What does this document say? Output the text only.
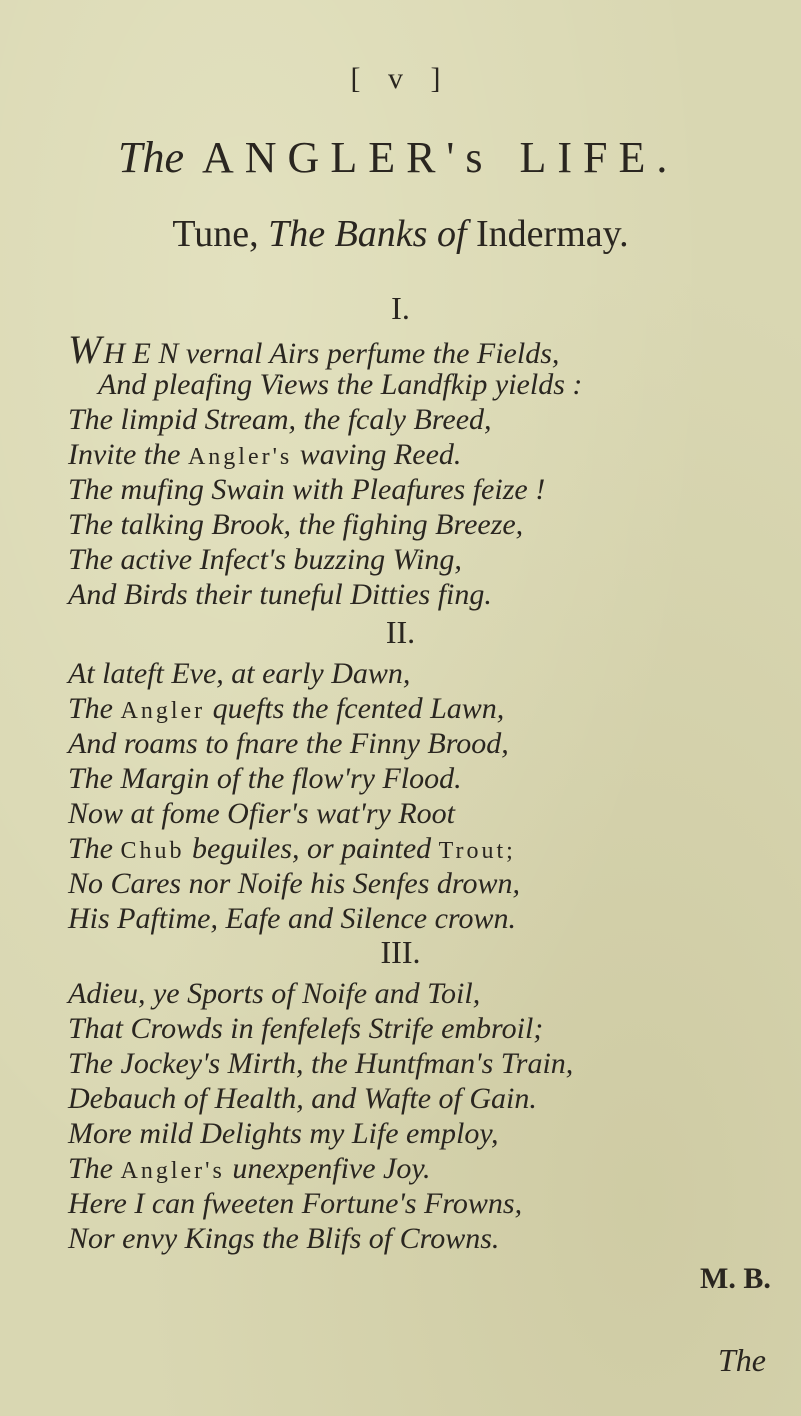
[ v ]
The ANGLER's LIFE.
Tune, The Banks of Indermay.
I.
WH E N vernal Airs perfume the Fields,
And pleafing Views the Landfkip yields :
The limpid Stream, the fcaly Breed,
Invite the Angler's waving Reed.
The mufing Swain with Pleafures feize !
The talking Brook, the fighing Breeze,
The active Infect's buzzing Wing,
And Birds their tuneful Ditties fing.
II.
At lateft Eve, at early Dawn,
The Angler quefts the fcented Lawn,
And roams to fnare the Finny Brood,
The Margin of the flow'ry Flood.
Now at fome Ofier's wat'ry Root
The Chub beguiles, or painted Trout;
No Cares nor Noife his Senfes drown,
His Paftime, Eafe and Silence crown.
III.
Adieu, ye Sports of Noife and Toil,
That Crowds in fenfelefs Strife embroil;
The Jockey's Mirth, the Huntfman's Train,
Debauch of Health, and Wafte of Gain.
More mild Delights my Life employ,
The Angler's unexpenfive Joy.
Here I can fweeten Fortune's Frowns,
Nor envy Kings the Blifs of Crowns.
M. B.
The
